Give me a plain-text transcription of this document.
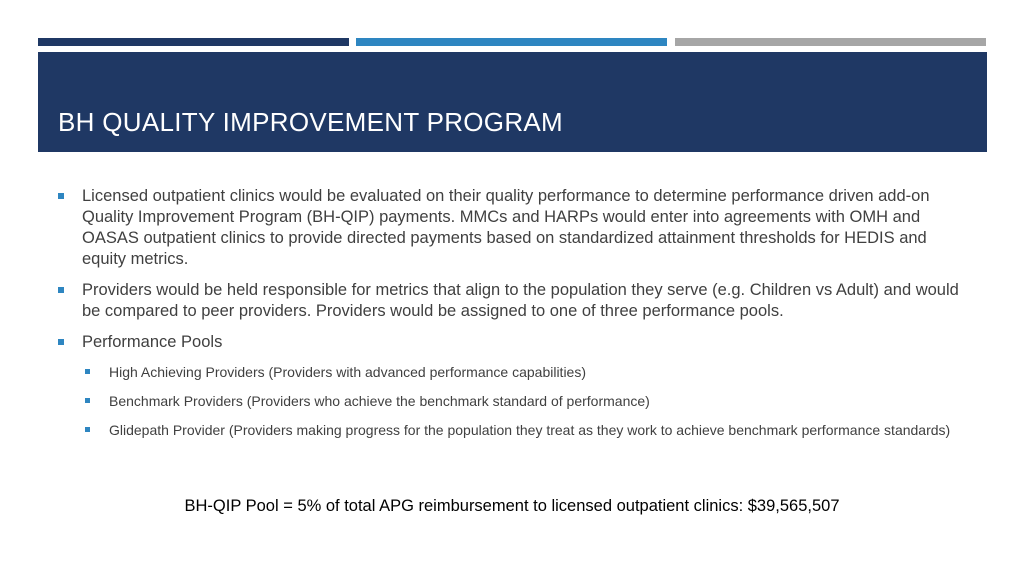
BH QUALITY IMPROVEMENT PROGRAM
Licensed outpatient clinics would be evaluated on their quality performance to determine performance driven add-on Quality Improvement Program (BH-QIP) payments. MMCs and HARPs would enter into agreements with OMH and OASAS outpatient clinics to provide directed payments based on standardized attainment thresholds for HEDIS and equity metrics.
Providers would be held responsible for metrics that align to the population they serve (e.g. Children vs Adult) and would be compared to peer providers. Providers would be assigned to one of three performance pools.
Performance Pools
High Achieving Providers (Providers with advanced performance capabilities)
Benchmark Providers (Providers who achieve the benchmark standard of performance)
Glidepath Provider (Providers making progress for the population they treat as they work to achieve benchmark performance standards)
BH-QIP Pool = 5% of total APG reimbursement to licensed outpatient clinics: $39,565,507
